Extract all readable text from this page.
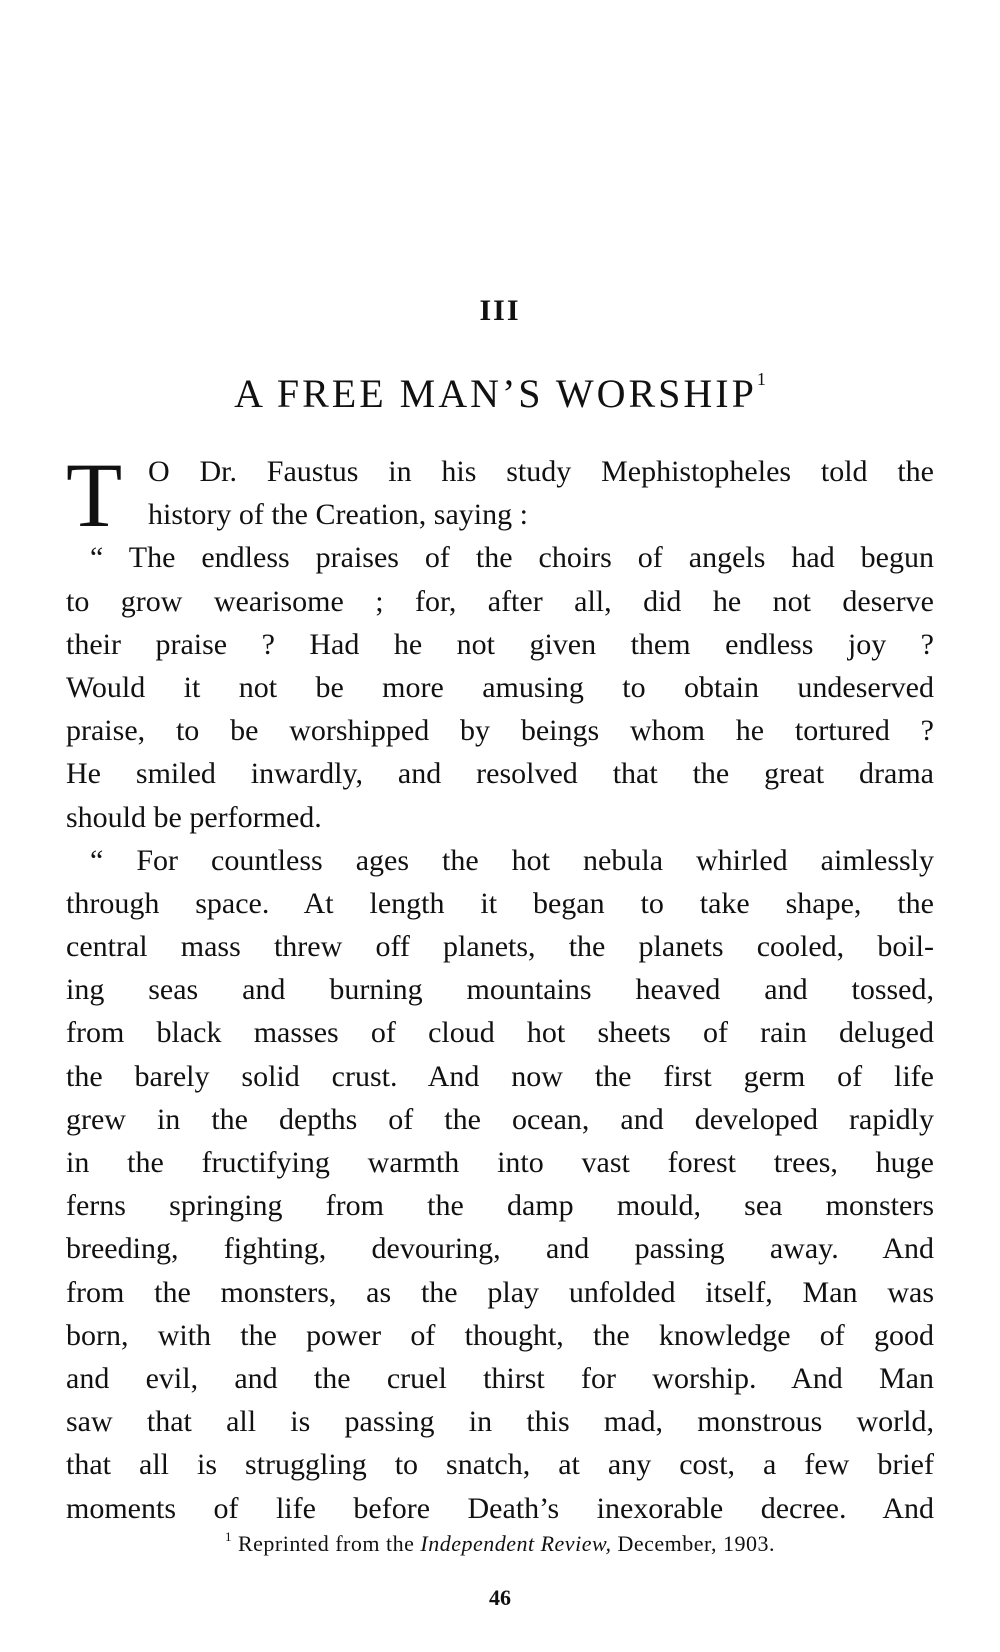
III
A FREE MAN’S WORSHIP$^1$
T O Dr. Faustus in his study Mephistopheles told the
history of the Creation, saying :
“ The endless praises of the choirs of angels had begun
to grow wearisome ; for, after all, did he not deserve
their praise ? Had he not given them endless joy ?
Would it not be more amusing to obtain undeserved
praise, to be worshipped by beings whom he tortured ?
He smiled inwardly, and resolved that the great drama
should be performed.
“ For countless ages the hot nebula whirled aimlessly
through space. At length it began to take shape, the
central mass threw off planets, the planets cooled, boil-
ing seas and burning mountains heaved and tossed,
from black masses of cloud hot sheets of rain deluged
the barely solid crust. And now the first germ of life
grew in the depths of the ocean, and developed rapidly
in the fructifying warmth into vast forest trees, huge
ferns springing from the damp mould, sea monsters
breeding, fighting, devouring, and passing away. And
from the monsters, as the play unfolded itself, Man was
born, with the power of thought, the knowledge of good
and evil, and the cruel thirst for worship. And Man
saw that all is passing in this mad, monstrous world,
that all is struggling to snatch, at any cost, a few brief
moments of life before Death’s inexorable decree. And
$^1$ Reprinted from the Independent Review, December, 1903.
46
